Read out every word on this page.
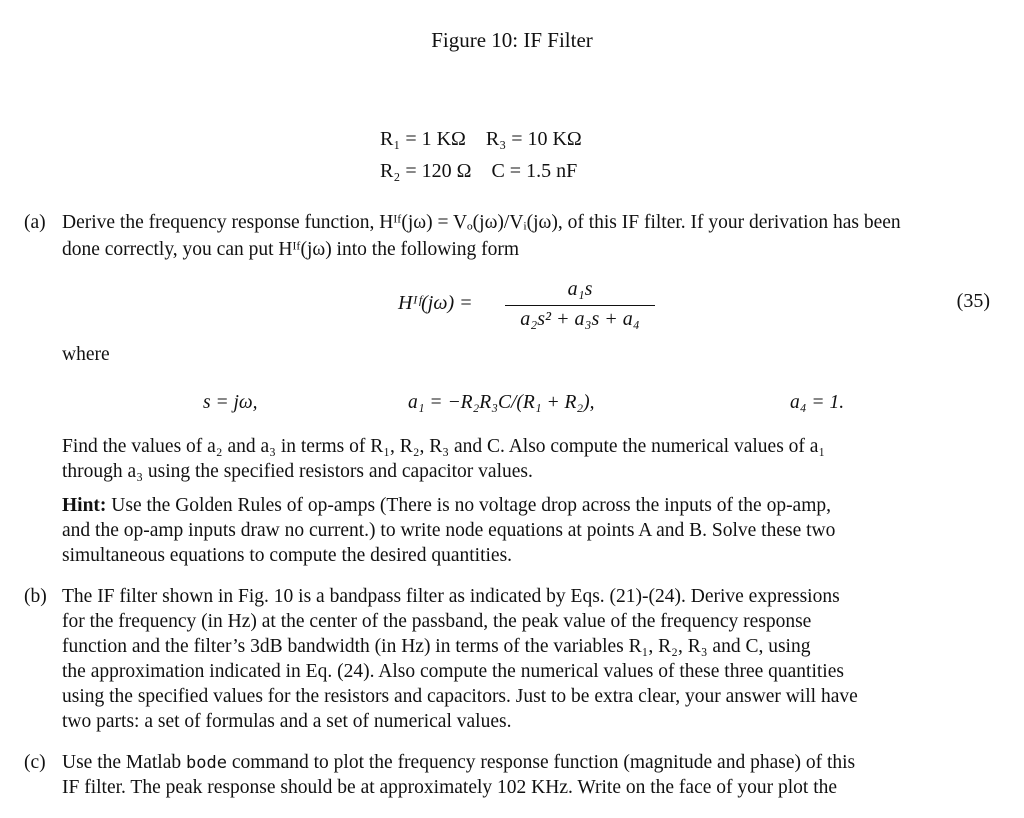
Figure 10: IF Filter
R₁ = 1 KΩ    R₃ = 10 KΩ
R₂ = 120 Ω    C = 1.5 nF
(a) Derive the frequency response function, Hᴵᶠ(jω) = Vₒ(jω)/Vᵢ(jω), of this IF filter. If your derivation has been
done correctly, you can put Hᴵᶠ(jω) into the following form
Hᴵᶠ(jω) =
a₁s
a₂s² + a₃s + a₄
(35)
where
s = jω,	a₁ = −R₂R₃C/(R₁ + R₂),	a₄ = 1.
Find the values of a₂ and a₃ in terms of R₁, R₂, R₃ and C. Also compute the numerical values of a₁
through a₃ using the specified resistors and capacitor values.
Hint: Use the Golden Rules of op-amps (There is no voltage drop across the inputs of the op-amp,
and the op-amp inputs draw no current.) to write node equations at points A and B. Solve these two
simultaneous equations to compute the desired quantities.
(b) The IF filter shown in Fig. 10 is a bandpass filter as indicated by Eqs. (21)-(24). Derive expressions
for the frequency (in Hz) at the center of the passband, the peak value of the frequency response
function and the filter’s 3dB bandwidth (in Hz) in terms of the variables R₁, R₂, R₃ and C, using
the approximation indicated in Eq. (24). Also compute the numerical values of these three quantities
using the specified values for the resistors and capacitors. Just to be extra clear, your answer will have
two parts: a set of formulas and a set of numerical values.
(c) Use the Matlab bode command to plot the frequency response function (magnitude and phase) of this
IF filter. The peak response should be at approximately 102 KHz. Write on the face of your plot the
